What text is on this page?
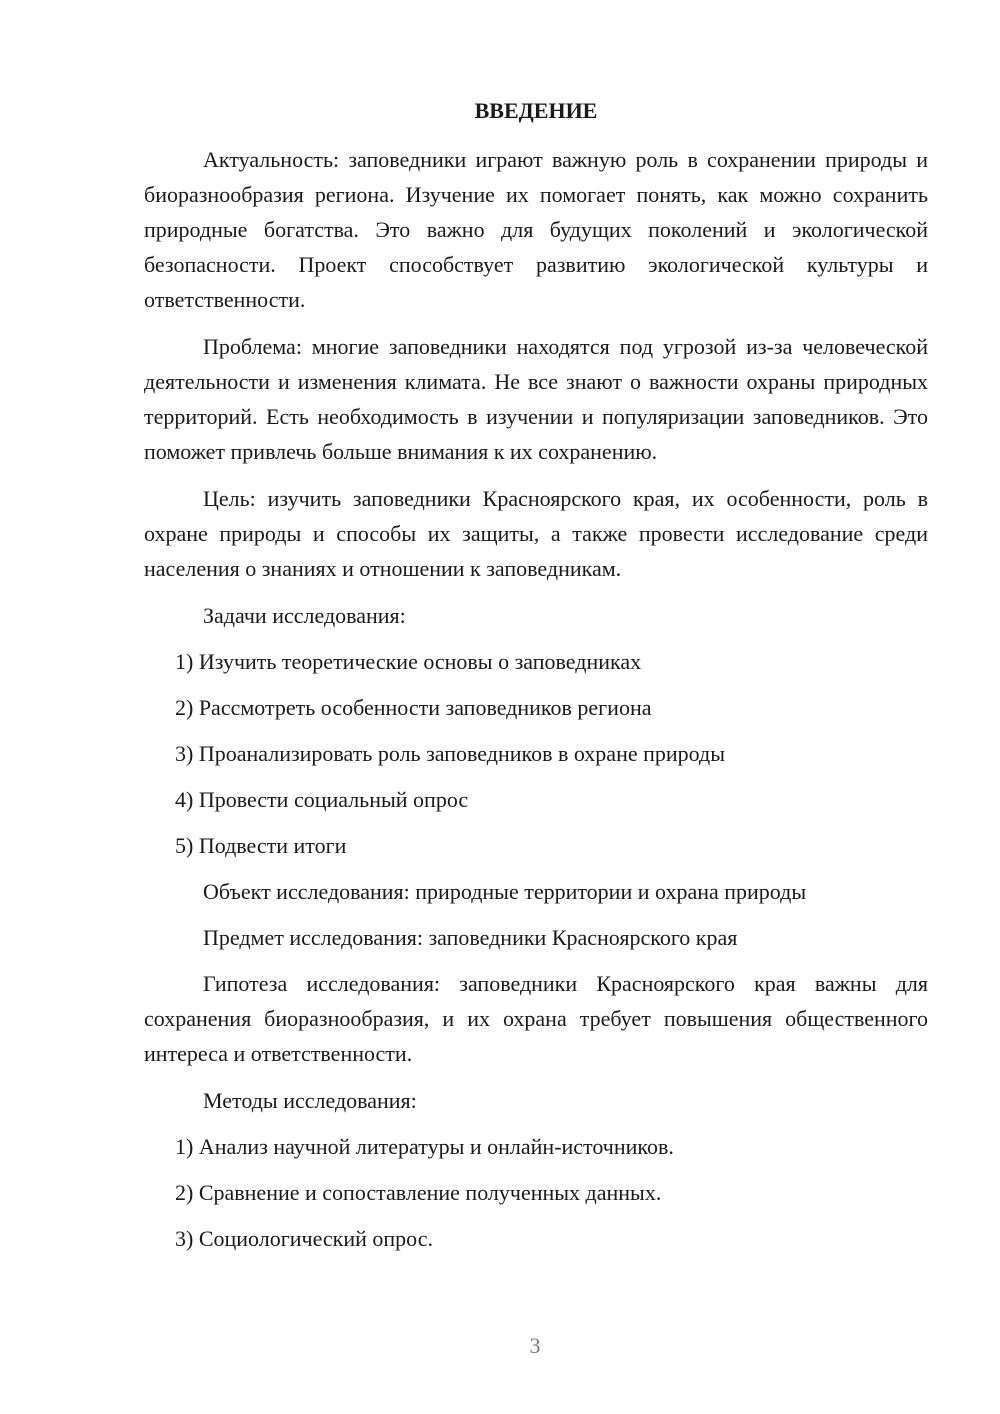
ВВЕДЕНИЕ

Актуальность: заповедники играют важную роль в сохранении природы и биоразнообразия региона. Изучение их помогает понять, как можно сохранить природные богатства. Это важно для будущих поколений и экологической безопасности. Проект способствует развитию экологической культуры и ответственности.

Проблема: многие заповедники находятся под угрозой из-за человеческой деятельности и изменения климата. Не все знают о важности охраны природных территорий. Есть необходимость в изучении и популяризации заповедников. Это поможет привлечь больше внимания к их сохранению.

Цель: изучить заповедники Красноярского края, их особенности, роль в охране природы и способы их защиты, а также провести исследование среди населения о знаниях и отношении к заповедникам.

Задачи исследования:

1) Изучить теоретические основы о заповедниках

2) Рассмотреть особенности заповедников региона

3) Проанализировать роль заповедников в охране природы

4) Провести социальный опрос

5) Подвести итоги

Объект исследования: природные территории и охрана природы

Предмет исследования: заповедники Красноярского края

Гипотеза исследования: заповедники Красноярского края важны для сохранения биоразнообразия, и их охрана требует повышения общественного интереса и ответственности.

Методы исследования:

1) Анализ научной литературы и онлайн-источников.

2) Сравнение и сопоставление полученных данных.

3) Социологический опрос.

3
